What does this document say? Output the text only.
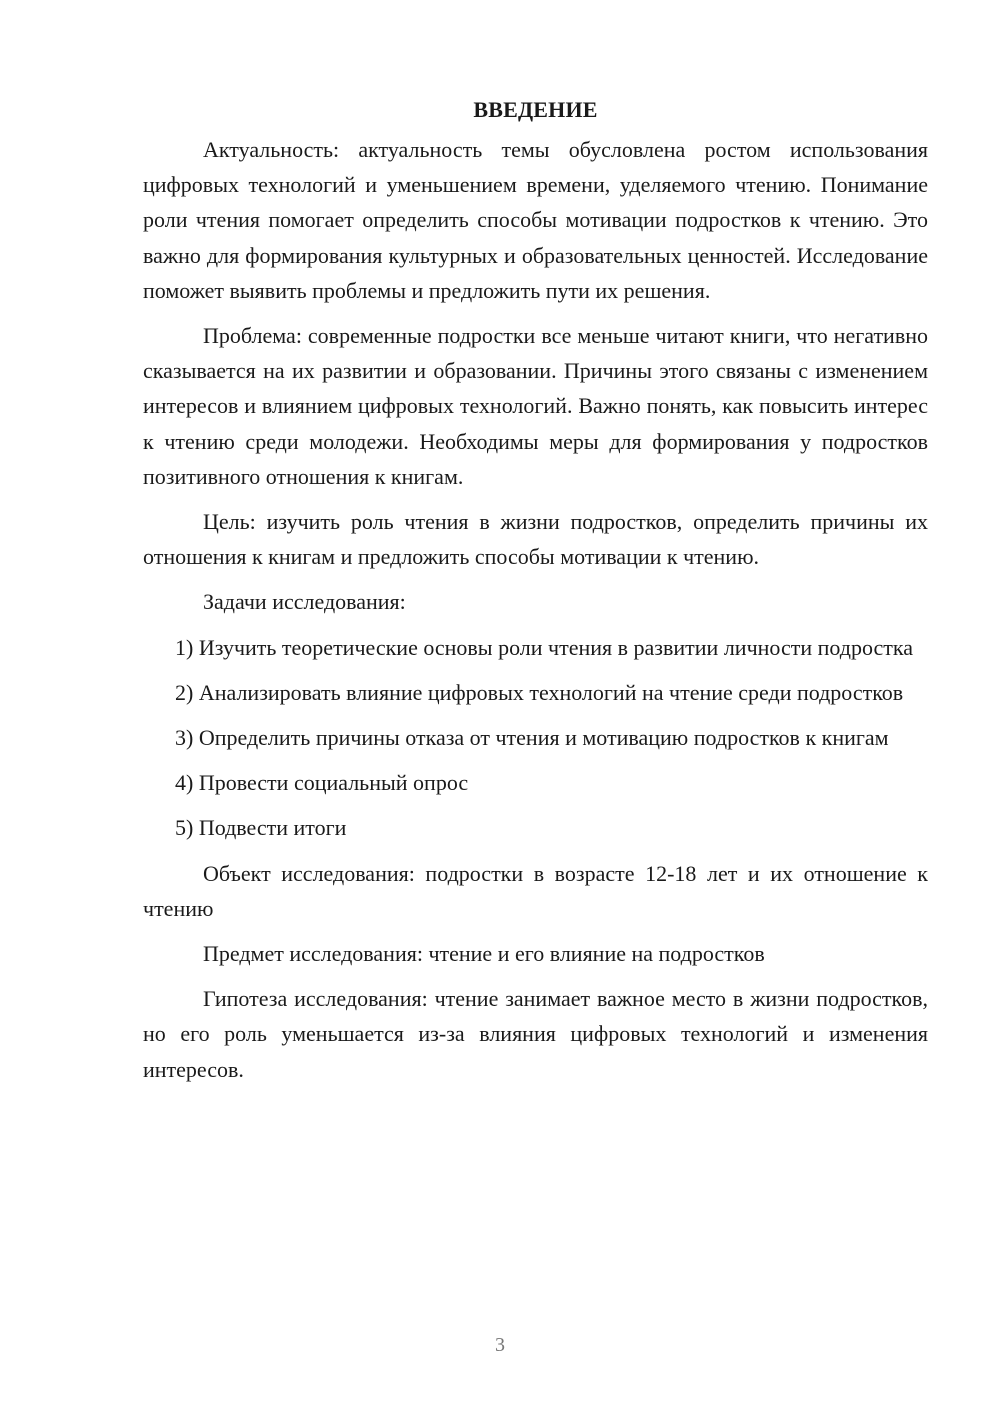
ВВЕДЕНИЕ

Актуальность: актуальность темы обусловлена ростом использования цифровых технологий и уменьшением времени, уделяемого чтению. Понимание роли чтения помогает определить способы мотивации подростков к чтению. Это важно для формирования культурных и образовательных ценностей. Исследование поможет выявить проблемы и предложить пути их решения.

Проблема: современные подростки все меньше читают книги, что негативно сказывается на их развитии и образовании. Причины этого связаны с изменением интересов и влиянием цифровых технологий. Важно понять, как повысить интерес к чтению среди молодежи. Необходимы меры для формирования у подростков позитивного отношения к книгам.

Цель: изучить роль чтения в жизни подростков, определить причины их отношения к книгам и предложить способы мотивации к чтению.

Задачи исследования:

1) Изучить теоретические основы роли чтения в развитии личности подростка

2) Анализировать влияние цифровых технологий на чтение среди подростков

3) Определить причины отказа от чтения и мотивацию подростков к книгам

4) Провести социальный опрос

5) Подвести итоги

Объект исследования: подростки в возрасте 12-18 лет и их отношение к чтению

Предмет исследования: чтение и его влияние на подростков

Гипотеза исследования: чтение занимает важное место в жизни подростков, но его роль уменьшается из-за влияния цифровых технологий и изменения интересов.

3
